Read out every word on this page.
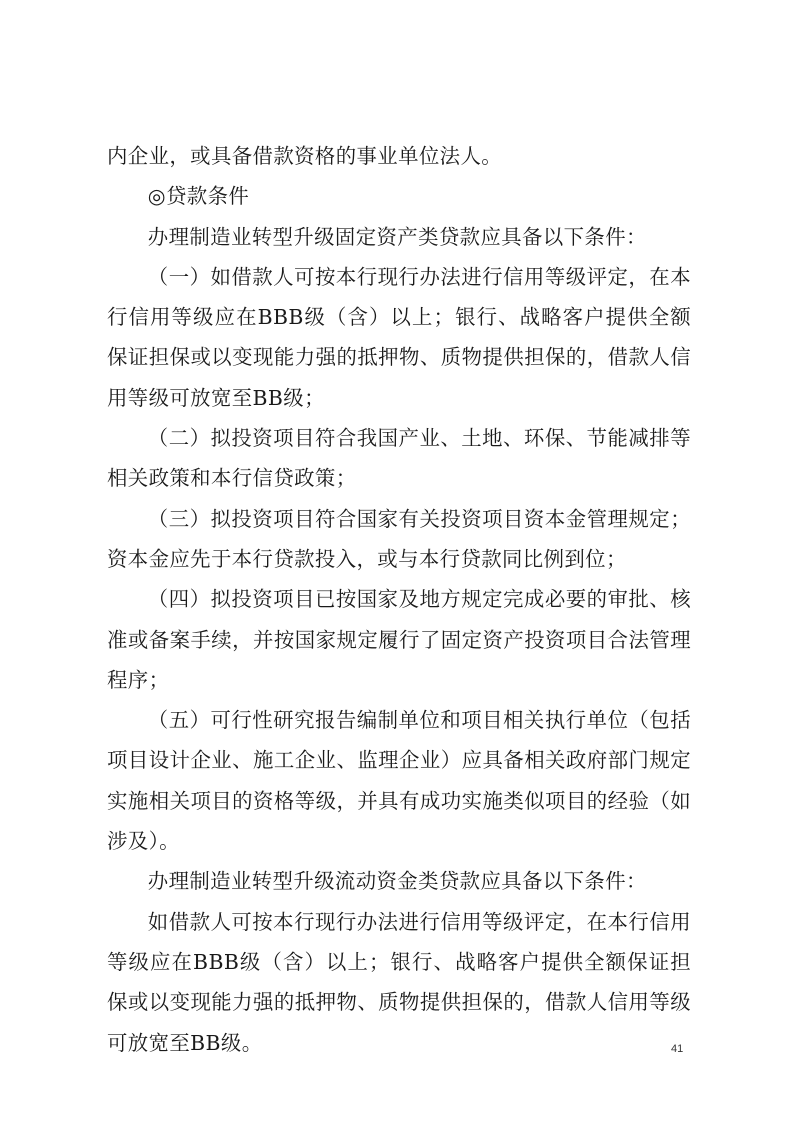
内企业，或具备借款资格的事业单位法人。

◎贷款条件

办理制造业转型升级固定资产类贷款应具备以下条件：

（一）如借款人可按本行现行办法进行信用等级评定，在本行信用等级应在BBB级（含）以上；银行、战略客户提供全额保证担保或以变现能力强的抵押物、质物提供担保的，借款人信用等级可放宽至BB级；

（二）拟投资项目符合我国产业、土地、环保、节能减排等相关政策和本行信贷政策；

（三）拟投资项目符合国家有关投资项目资本金管理规定；资本金应先于本行贷款投入，或与本行贷款同比例到位；

（四）拟投资项目已按国家及地方规定完成必要的审批、核准或备案手续，并按国家规定履行了固定资产投资项目合法管理程序；

（五）可行性研究报告编制单位和项目相关执行单位（包括项目设计企业、施工企业、监理企业）应具备相关政府部门规定实施相关项目的资格等级，并具有成功实施类似项目的经验（如涉及）。

办理制造业转型升级流动资金类贷款应具备以下条件：

如借款人可按本行现行办法进行信用等级评定，在本行信用等级应在BBB级（含）以上；银行、战略客户提供全额保证担保或以变现能力强的抵押物、质物提供担保的，借款人信用等级可放宽至BB级。	41
